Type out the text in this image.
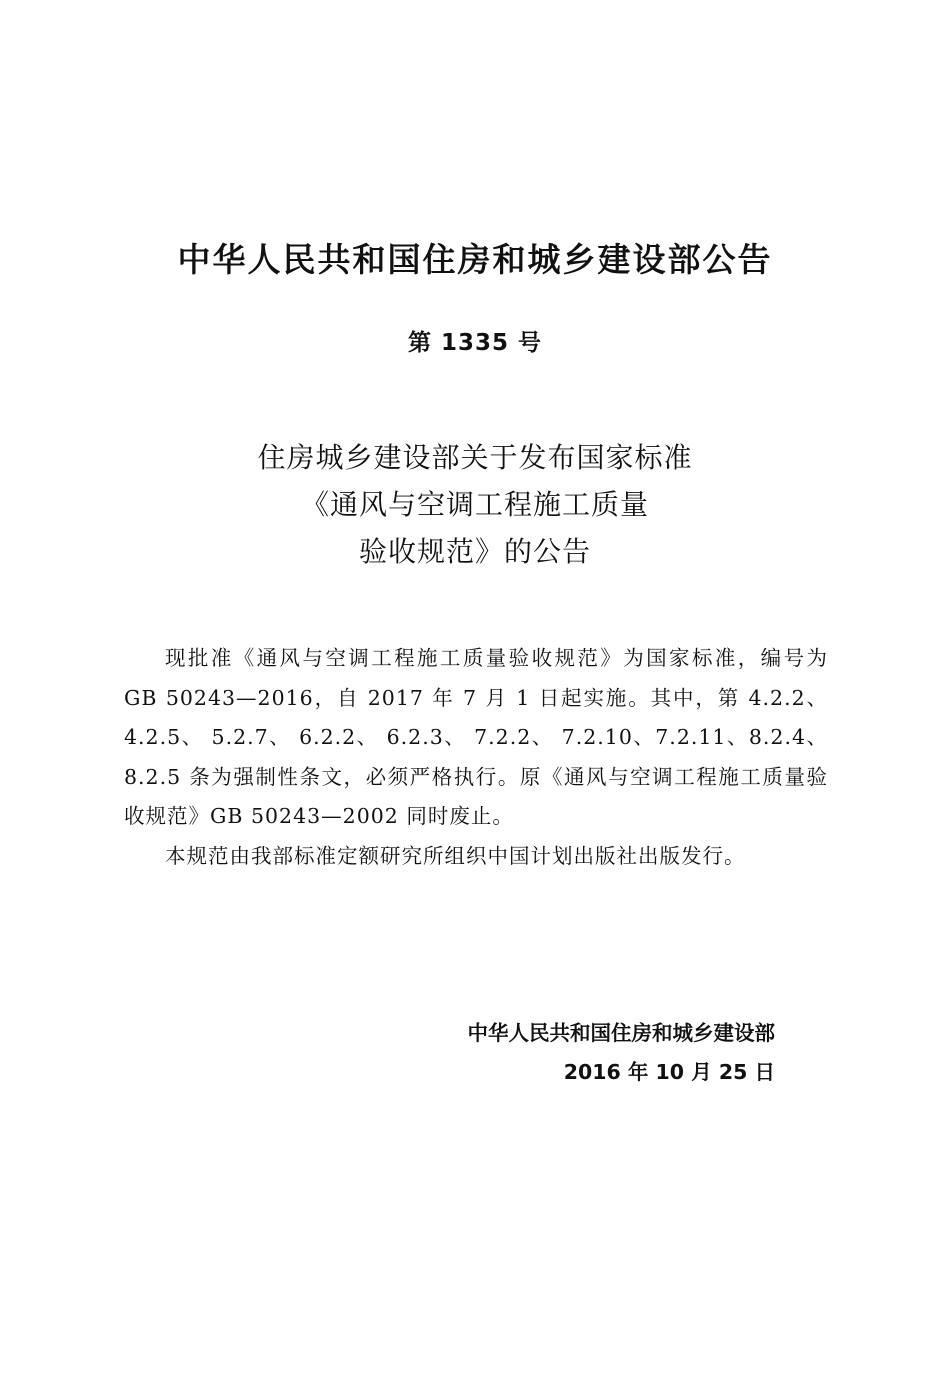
中华人民共和国住房和城乡建设部公告
第 1335 号
住房城乡建设部关于发布国家标准
《通风与空调工程施工质量
验收规范》的公告

现批准《通风与空调工程施工质量验收规范》为国家标准，编号为 GB 50243—2016，自 2017 年 7 月 1 日起实施。其中，第 4.2.2、 4.2.5、 5.2.7、 6.2.2、 6.2.3、 7.2.2、 7.2.10、7.2.11、8.2.4、8.2.5 条为强制性条文，必须严格执行。原《通风与空调工程施工质量验收规范》GB 50243—2002 同时废止。

本规范由我部标准定额研究所组织中国计划出版社出版发行。

中华人民共和国住房和城乡建设部
2016 年 10 月 25 日
